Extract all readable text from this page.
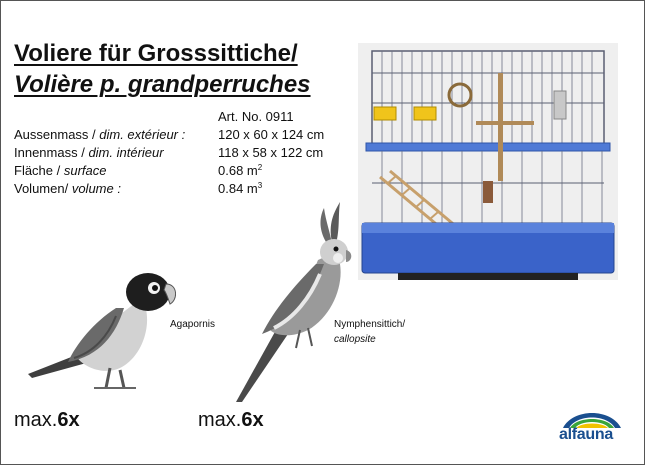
Voliere für Grosssittiche/
Volière p. grandperruches
Art. No. 0911
Aussenmass / dim. extérieur :
Innenmass / dim. intérieur
Fläche / surface
Volumen/ volume :
120 x 60 x 124 cm
118 x 58 x 122 cm
0.68 $m^2$
0.84 $m^3$
Agapornis	Nymphensittich/
callopsite
max.6x	max.6x
alfauna
